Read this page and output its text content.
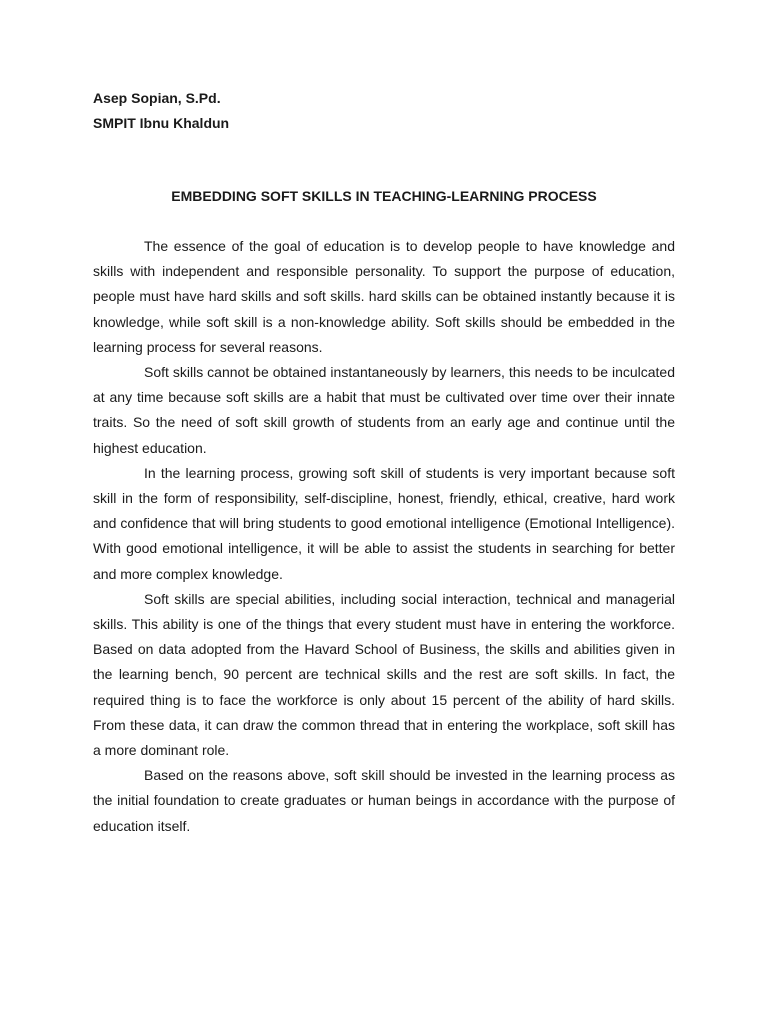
Asep Sopian, S.Pd.
SMPIT Ibnu Khaldun
EMBEDDING SOFT SKILLS IN TEACHING-LEARNING PROCESS

The essence of the goal of education is to develop people to have knowledge and skills with independent and responsible personality. To support the purpose of education, people must have hard skills and soft skills. hard skills can be obtained instantly because it is knowledge, while soft skill is a non-knowledge ability. Soft skills should be embedded in the learning process for several reasons.

Soft skills cannot be obtained instantaneously by learners, this needs to be inculcated at any time because soft skills are a habit that must be cultivated over time over their innate traits. So the need of soft skill growth of students from an early age and continue until the highest education.

In the learning process, growing soft skill of students is very important because soft skill in the form of responsibility, self-discipline, honest, friendly, ethical, creative, hard work and confidence that will bring students to good emotional intelligence (Emotional Intelligence). With good emotional intelligence, it will be able to assist the students in searching for better and more complex knowledge.

Soft skills are special abilities, including social interaction, technical and managerial skills. This ability is one of the things that every student must have in entering the workforce. Based on data adopted from the Havard School of Business, the skills and abilities given in the learning bench, 90 percent are technical skills and the rest are soft skills. In fact, the required thing is to face the workforce is only about 15 percent of the ability of hard skills. From these data, it can draw the common thread that in entering the workplace, soft skill has a more dominant role.

Based on the reasons above, soft skill should be invested in the learning process as the initial foundation to create graduates or human beings in accordance with the purpose of education itself.
